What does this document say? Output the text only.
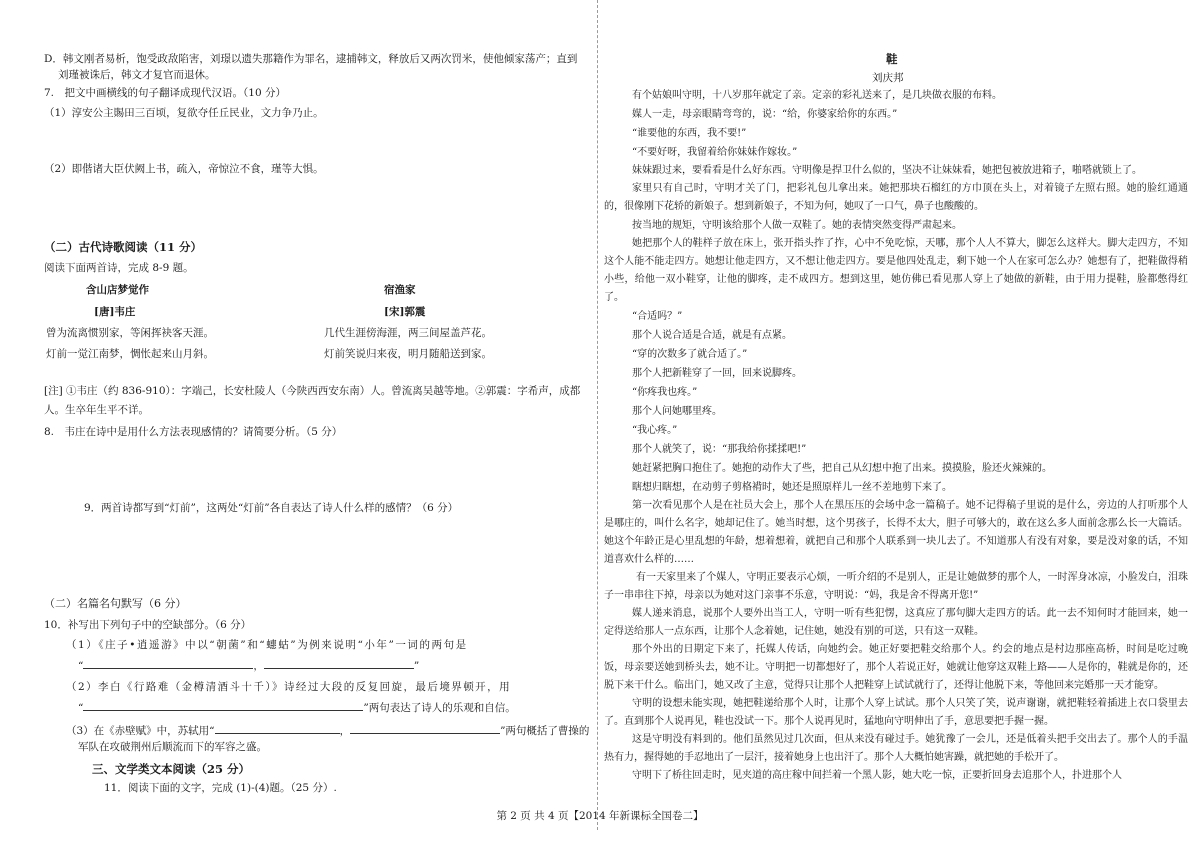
D．韩文刚者易析，饱受政敌陷害，刘璟以遗失那籍作为罪名，逮捕韩文，释放后又两次罚米，使他倾家荡产；直到
刘瑾被诛后，韩文才复官而退休。
7.　把文中画横线的句子翻译成现代汉语。（10 分）
（1）淳安公主賜田三百顷，复欲夺任丘民业，文力争乃止。
（2）即偕诸大臣伏阙上书，疏入，帝惊泣不食，瑾等大惧。
（二）古代诗歌阅读（11 分）
阅读下面两首诗，完成 8-9 题。
含山店梦觉作
[唐]韦庄
曾为流离惯别家，等闲挥袂客天涯。
灯前一觉江南梦，惆怅起来山月斜。
宿渔家
[宋]郭震
几代生涯傍海涯，两三间屋盖芦花。
灯前笑说归来夜，明月随船送到家。
[注] ①韦庄（约 836-910）：字端己，长安杜陵人（今陕西西安东南）人。曾流离吴越等地。②郭震：字希声，成都
人。生卒年生平不详。
8.　韦庄在诗中是用什么方法表现感情的？请简要分析。（5 分）
9．两首诗都写到“灯前”，这两处“灯前”各自表达了诗人什么样的感情？（6 分）
（二）名篇名句默写（6 分）
10．补写出下列句子中的空缺部分。（6 分）
（1）《庄子•逍遥游》中以“朝菌”和“蟪蛄”为例来说明“小年”一词的两句是
“	，	”
（2）李白《行路难（金樽清酒斗十千）》诗经过大段的反复回旋，最后境界顿开，用
“	”两句表达了诗人的乐观和自信。
（3）在《赤壁赋》中，苏轼用“	，	”两句概括了曹操的
军队在攻破荆州后顺流而下的军容之盛。
三、文学类文本阅读（25 分）
11．阅读下面的文字，完成 (1)-(4)题。（25 分）.
鞋
刘庆邦
有个姑娘叫守明，十八岁那年就定了亲。定亲的彩礼送来了，是几块做衣服的布料。
媒人一走，母亲眼睛弯弯的，说：“给，你婆家给你的东西。”
“谁要他的东西，我不要!”
“不要好呀，我留着给你妹妹作嫁妆。”
妹妹跟过来，要看看是什么好东西。守明像是捍卫什么似的，坚决不让妹妹看，她把包被放进箱子，啪嗒就锁上了。
家里只有自己时，守明才关了门，把彩礼包儿拿出来。她把那块石榴红的方巾顶在头上，对着镜子左照右照。她的脸红通通的，很像刚下花轿的新娘子。想到新娘子，不知为何，她叹了一口气，鼻子也酸酸的。
按当地的规矩，守明该给那个人做一双鞋了。她的表情突然变得严肃起来。
她把那个人的鞋样子放在床上，张开指头拃了拃，心中不免吃惊，天哪，那个人人不算大，脚怎么这样大。脚大走四方，不知这个人能不能走四方。她想让他走四方，又不想让他走四方。要是他四处乱走，剩下她一个人在家可怎么办？她想有了，把鞋做得稍小些，给他一双小鞋穿，让他的脚疼，走不成四方。想到这里，她仿佛已看见那人穿上了她做的新鞋，由于用力提鞋，脸都憋得红了。
“合适吗？”
那个人说合适是合适，就是有点紧。
“穿的次数多了就合适了。”
那个人把新鞋穿了一回，回来说脚疼。
“你疼我也疼。”
那个人问她哪里疼。
“我心疼。”
那个人就笑了，说：“那我给你揉揉吧!”
她赶紧把胸口抱住了。她抱的动作大了些，把自己从幻想中抱了出来。摸摸脸，脸还火辣辣的。
瞎想归瞎想，在动剪子剪格褙时，她还是照原样儿一丝不差地剪下来了。
第一次看见那个人是在社员大会上，那个人在黑压压的会场中念一篇稿子。她不记得稿子里说的是什么，旁边的人打听那个人是哪庄的，叫什么名字，她却记住了。她当时想，这个男孩子，长得不太大，胆子可够大的，敢在这么多人面前念那么长一大篇话。她这个年龄正是心里乱想的年龄，想着想着，就把自己和那个人联系到一块儿去了。不知道那人有没有对象，要是没对象的话，不知道喜欢什么样的……
有一天家里来了个媒人，守明正要表示心烦，一听介绍的不是别人，正是让她做梦的那个人，一时浑身冰凉，小脸发白，泪珠子一串串往下掉，母亲以为她对这门亲事不乐意，守明说：“妈，我是舍不得离开您!”
媒人递来消息，说那个人要外出当工人，守明一听有些犯愣，这真应了那句脚大走四方的话。此一去不知何时才能回来，她一定得送给那人一点东西，让那个人念着她，记住她，她没有别的可送，只有这一双鞋。
那个外出的日期定下来了，托媒人传话，向她约会。她正好要把鞋交给那个人。约会的地点是村边那座高桥，时间是吃过晚饭，母亲要送她到桥头去，她不让。守明把一切都想好了，那个人若说正好，她就让他穿这双鞋上路——人是你的，鞋就是你的，还脱下来干什么。临出门，她又改了主意，觉得只让那个人把鞋穿上试试就行了，还得让他脱下来，等他回来完婚那一天才能穿。
守明的设想未能实现，她把鞋递给那个人时，让那个人穿上试试。那个人只笑了笑，说声谢谢，就把鞋轻着插进上衣口袋里去了。直到那个人说再见，鞋也没试一下。那个人说再见时，猛地向守明伸出了手，意思要把手握一握。
这是守明没有料到的。他们虽然见过几次面，但从来没有碰过手。她犹豫了一会儿，还是低着头把手交出去了。那个人的手温热有力，握得她的手忍地出了一层汗，接着她身上也出汗了。那个人大概怕她害躁，就把她的手松开了。
守明下了桥往回走时，见夹道的高庄稼中间拦着一个黑人影，她大吃一惊，正要折回身去追那个人，扑进那个人
第 2 页 共 4 页【2014 年新课标全国卷二】
